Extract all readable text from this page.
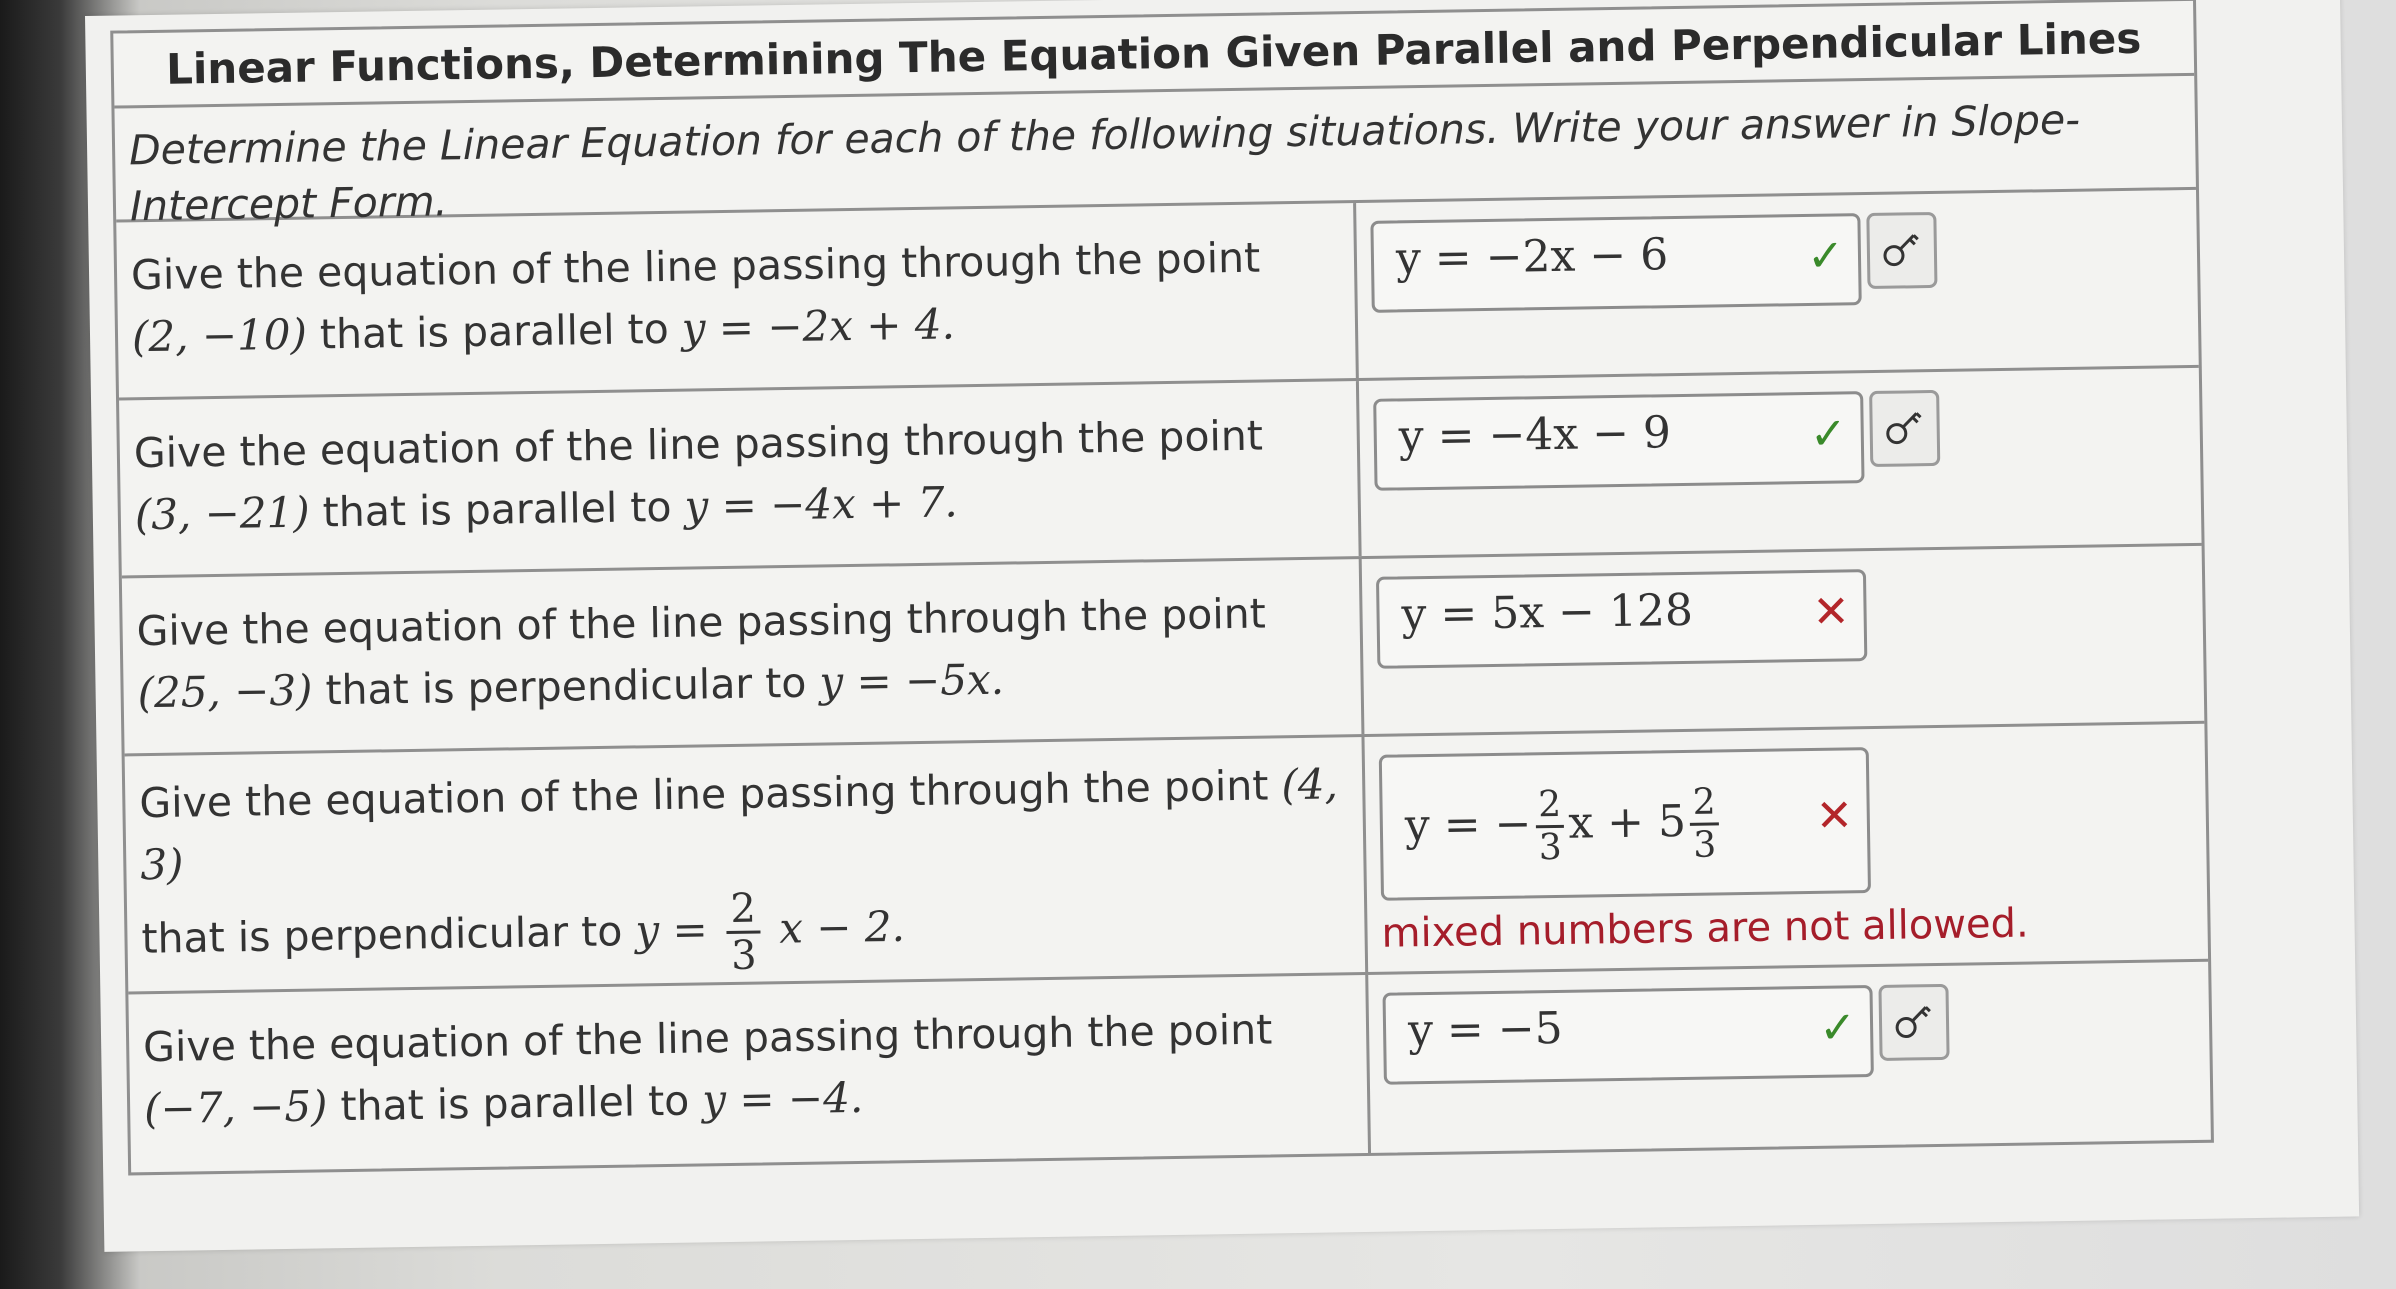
Linear Functions, Determining The Equation Given Parallel and Perpendicular Lines
Determine the Linear Equation for each of the following situations. Write your answer in Slope-Intercept Form.
Give the equation of the line passing through the point
(2, −10) that is parallel to y = −2x + 4.
y = −2x − 6	✓
Give the equation of the line passing through the point
(3, −21) that is parallel to y = −4x + 7.
y = −4x − 9	✓
Give the equation of the line passing through the point
(25, −3) that is perpendicular to y = −5x.
y = 5x − 128	✕
Give the equation of the line passing through the point (4, 3)
that is perpendicular to $y = \frac{2}{3}$ x − 2.
y = − $\frac{2}{3}$ $x + 5 \frac{2}{3}$ ✕
mixed numbers are not allowed.
Give the equation of the line passing through the point
(−7, −5) that is parallel to y = −4.
y = −5	✓
